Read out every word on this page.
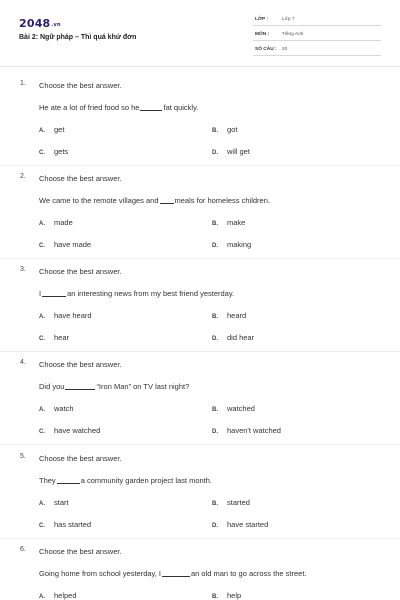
$2048^{.vn}$
Bài 2: Ngữ pháp – Thì quá khứ đơn
LỚP :	Lớp 7
MÔN :	Tiếng Anh
SỐ CÂU : 20
1. Choose the best answer.
He ate a lot of fried food so he	fat quickly.
A. get	B. got
C. gets	D. will get
2. Choose the best answer.
We came to the remote villages and meals for homeless children.
A. made	B. make
C. have made	D. making
3. Choose the best answer.
I	an interesting news from my best friend yesterday.
A. have heard	B. heard
C. hear	D. did hear
4. Choose the best answer.
Did you	“Iron Man” on TV last night?
A. watch	B. watched
C. have watched	D. haven't watched
5. Choose the best answer.
They	a community garden project last month.
A. start	B. started
C. has started	D. have started
6. Choose the best answer.
Going home from school yesterday, I	an old man to go across the street.
A. helped	B. help
